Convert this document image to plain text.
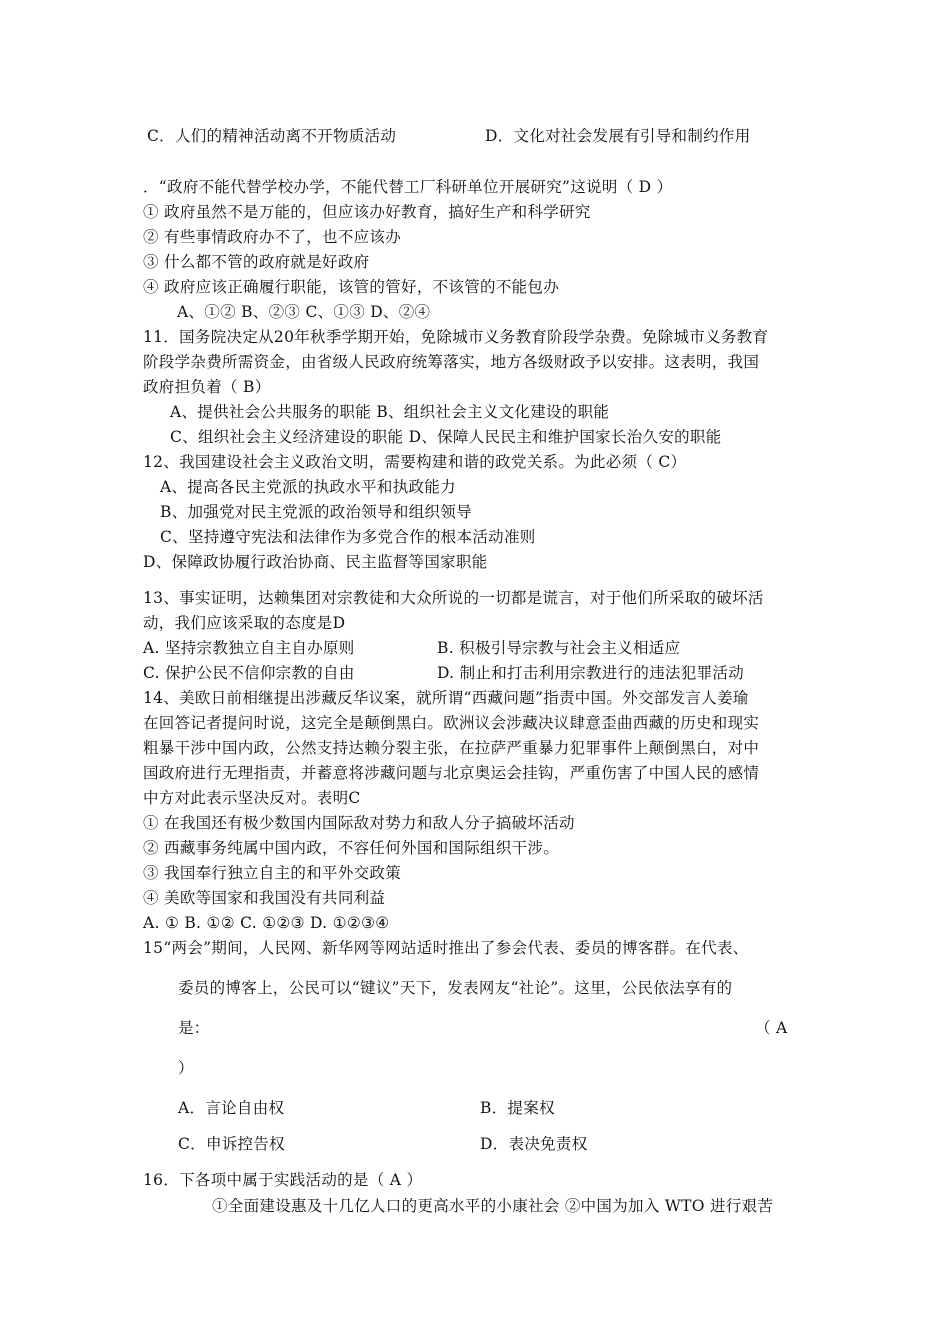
C．人们的精神活动离不开物质活动	D．文化对社会发展有引导和制约作用
．“政府不能代替学校办学，不能代替工厂科研单位开展研究”这说明（ D ）
① 政府虽然不是万能的，但应该办好教育，搞好生产和科学研究
② 有些事情政府办不了，也不应该办
③ 什么都不管的政府就是好政府
④ 政府应该正确履行职能，该管的管好，不该管的不能包办
A、①② B、②③ C、①③ D、②④
11．国务院决定从20年秋季学期开始，免除城市义务教育阶段学杂费。免除城市义务教育
阶段学杂费所需资金，由省级人民政府统筹落实，地方各级财政予以安排。这表明，我国
政府担负着（ B）
A、提供社会公共服务的职能 B、组织社会主义文化建设的职能
C、组织社会主义经济建设的职能 D、保障人民民主和维护国家长治久安的职能
12、我国建设社会主义政治文明，需要构建和谐的政党关系。为此必须（ C）
A、提高各民主党派的执政水平和执政能力
B、加强党对民主党派的政治领导和组织领导
C、坚持遵守宪法和法律作为多党合作的根本活动准则
D、保障政协履行政治协商、民主监督等国家职能
13、事实证明，达赖集团对宗教徒和大众所说的一切都是谎言，对于他们所采取的破坏活
动，我们应该采取的态度是D
A. 坚持宗教独立自主自办原则	B. 积极引导宗教与社会主义相适应
C. 保护公民不信仰宗教的自由	D. 制止和打击利用宗教进行的违法犯罪活动
14、美欧日前相继提出涉藏反华议案，就所谓“西藏问题”指责中国。外交部发言人姜瑜
在回答记者提问时说，这完全是颠倒黑白。欧洲议会涉藏决议肆意歪曲西藏的历史和现实
粗暴干涉中国内政，公然支持达赖分裂主张，在拉萨严重暴力犯罪事件上颠倒黑白，对中
国政府进行无理指责，并蓄意将涉藏问题与北京奥运会挂钩，严重伤害了中国人民的感情
中方对此表示坚决反对。表明C
① 在我国还有极少数国内国际敌对势力和敌人分子搞破坏活动
② 西藏事务纯属中国内政，不容任何外国和国际组织干涉。
③ 我国奉行独立自主的和平外交政策
④ 美欧等国家和我国没有共同利益
A. ① B. ①② C. ①②③ D. ①②③④
15“两会”期间，人民网、新华网等网站适时推出了参会代表、委员的博客群。在代表、
委员的博客上，公民可以“键议”天下，发表网友“社论”。这里，公民依法享有的
是：	（ A
）
A．言论自由权	B．提案权
C．申诉控告权	D．表决免责权
16．下各项中属于实践活动的是（ A ）
①全面建设惠及十几亿人口的更高水平的小康社会 ②中国为加入 WTO 进行艰苦
